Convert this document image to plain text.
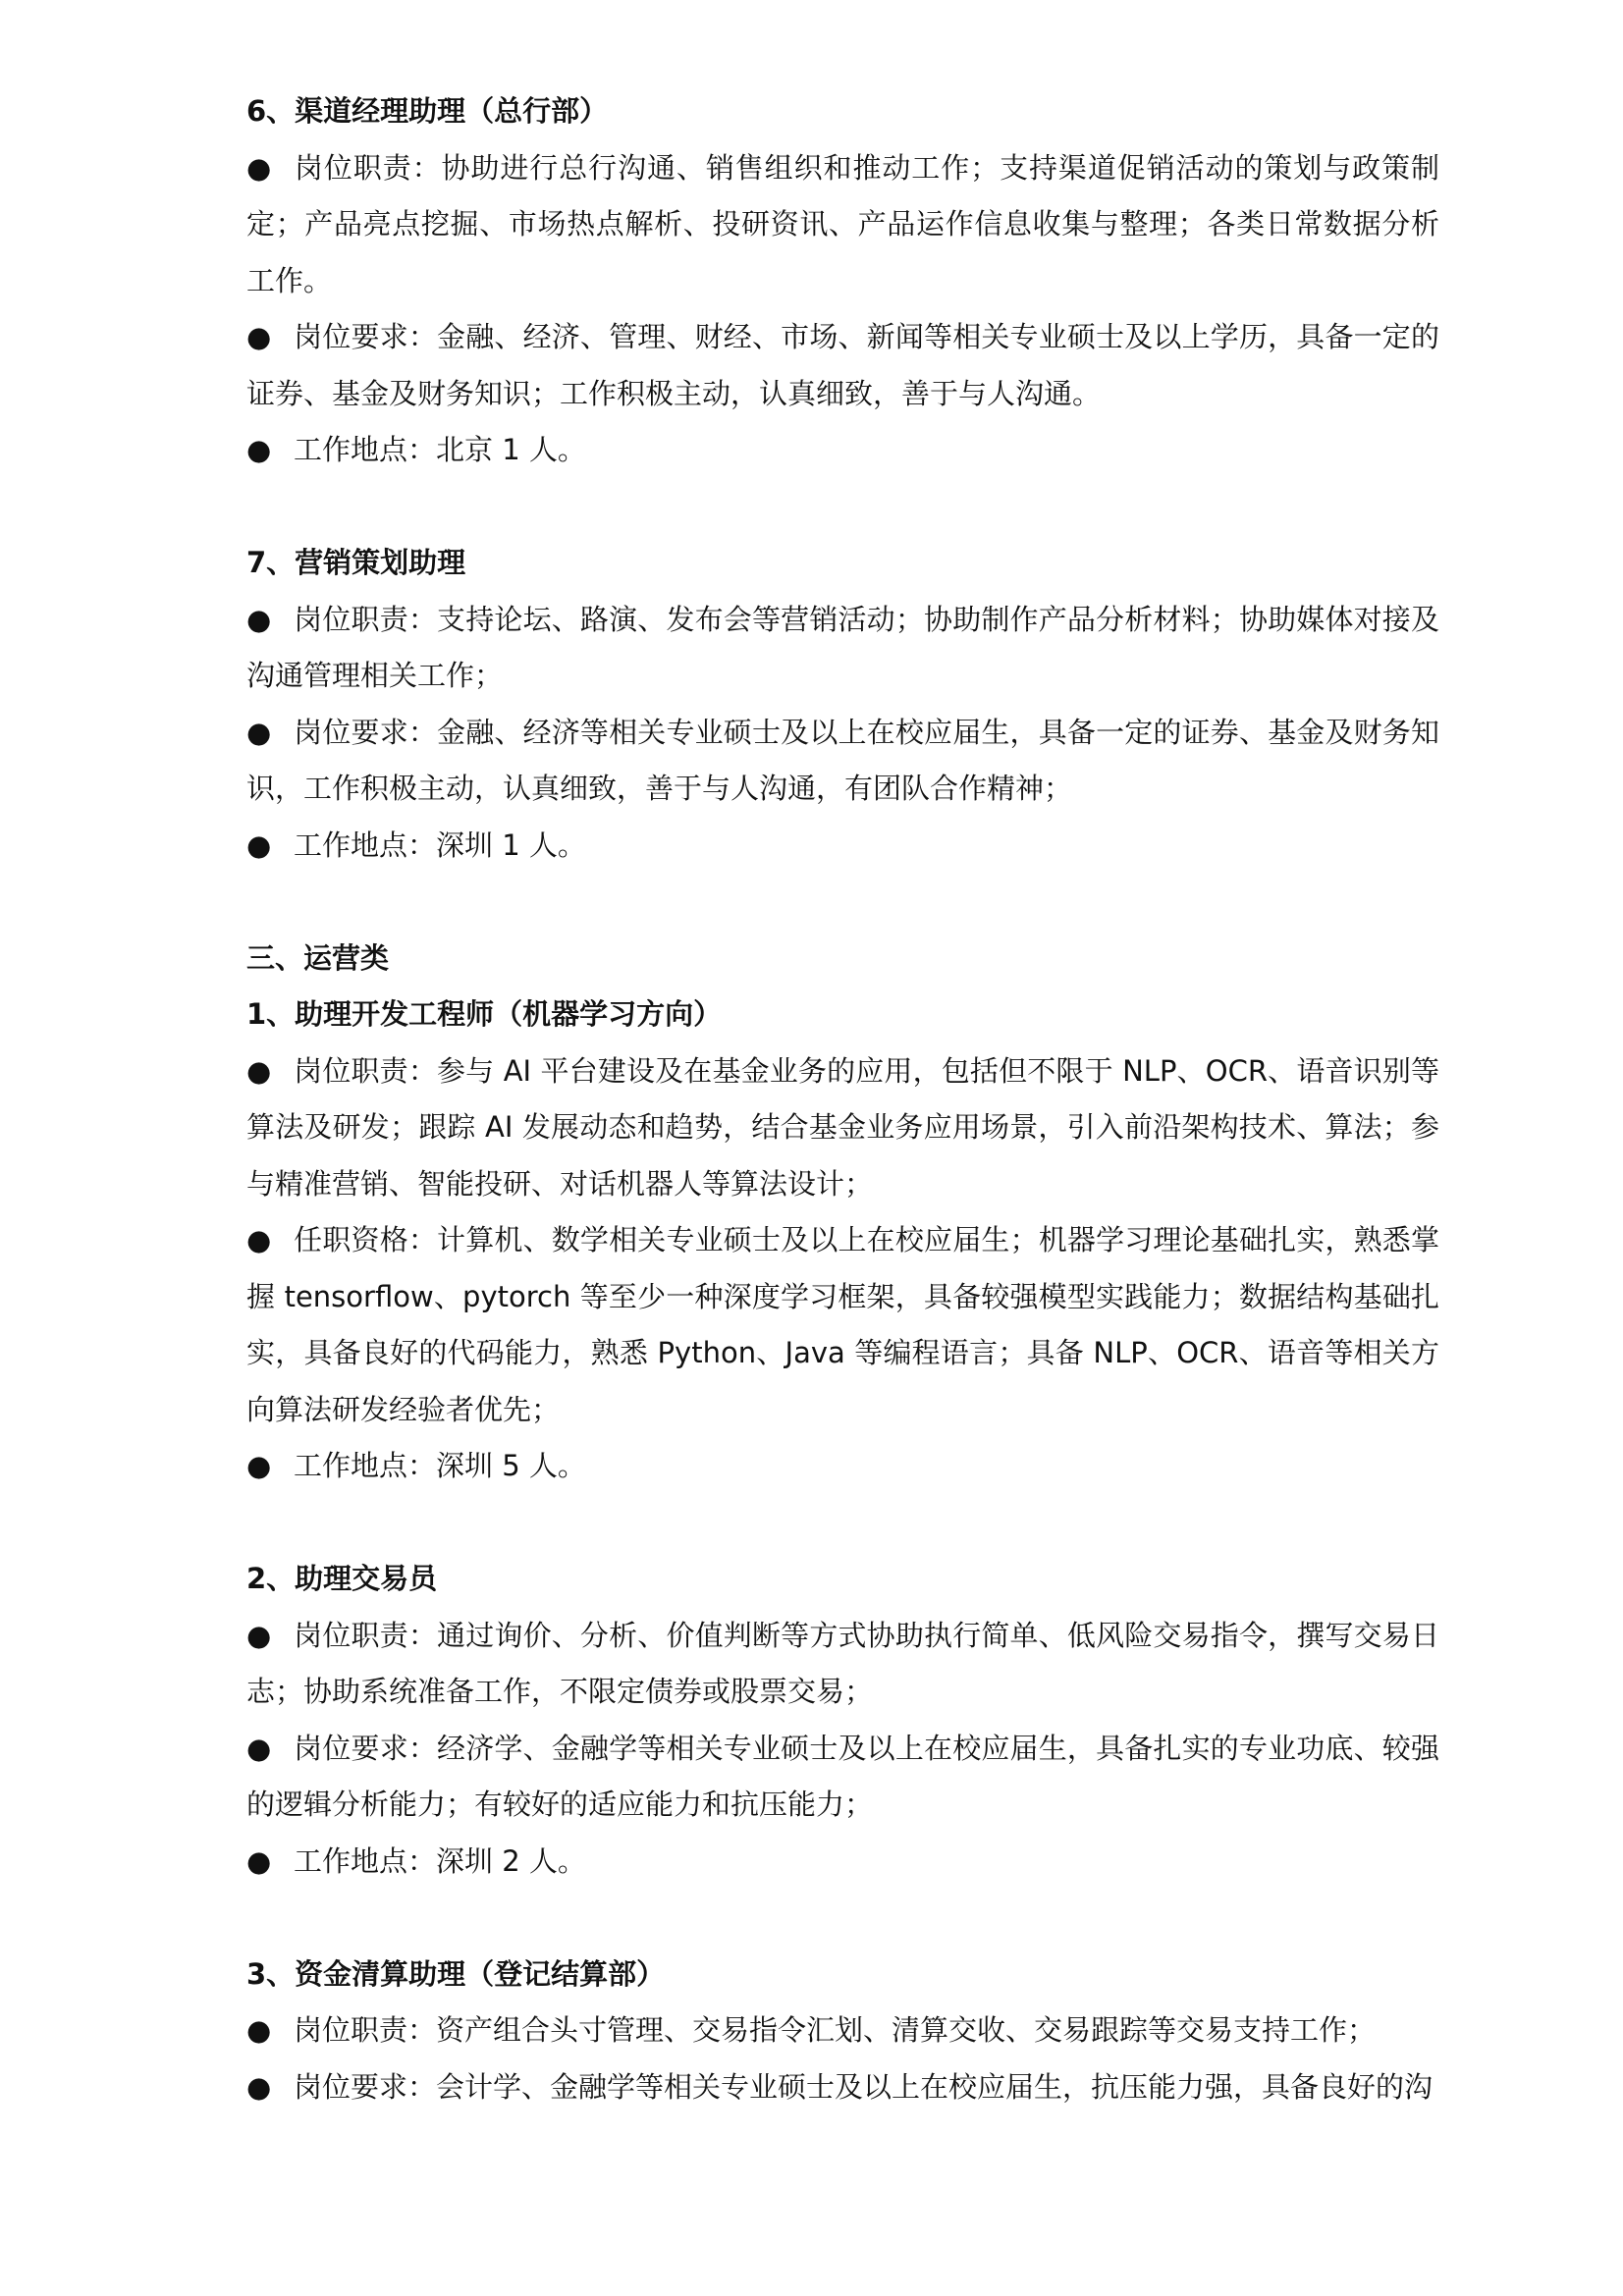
6、渠道经理助理（总行部）
● 岗位职责：协助进行总行沟通、销售组织和推动工作；支持渠道促销活动的策划与政策制定；产品亮点挖掘、市场热点解析、投研资讯、产品运作信息收集与整理；各类日常数据分析工作。
● 岗位要求：金融、经济、管理、财经、市场、新闻等相关专业硕士及以上学历，具备一定的证券、基金及财务知识；工作积极主动，认真细致，善于与人沟通。
● 工作地点：北京 1 人。
7、营销策划助理
● 岗位职责：支持论坛、路演、发布会等营销活动；协助制作产品分析材料；协助媒体对接及沟通管理相关工作；
● 岗位要求：金融、经济等相关专业硕士及以上在校应届生，具备一定的证券、基金及财务知识，工作积极主动，认真细致，善于与人沟通，有团队合作精神；
● 工作地点：深圳 1 人。
三、运营类
1、助理开发工程师（机器学习方向）
● 岗位职责：参与 AI 平台建设及在基金业务的应用，包括但不限于 NLP、OCR、语音识别等算法及研发；跟踪 AI 发展动态和趋势，结合基金业务应用场景，引入前沿架构技术、算法；参与精准营销、智能投研、对话机器人等算法设计；
● 任职资格：计算机、数学相关专业硕士及以上在校应届生；机器学习理论基础扎实，熟悉掌握 tensorflow、pytorch 等至少一种深度学习框架，具备较强模型实践能力；数据结构基础扎实，具备良好的代码能力，熟悉 Python、Java 等编程语言；具备 NLP、OCR、语音等相关方向算法研发经验者优先；
● 工作地点：深圳 5 人。
2、助理交易员
● 岗位职责：通过询价、分析、价值判断等方式协助执行简单、低风险交易指令，撰写交易日志；协助系统准备工作，不限定债券或股票交易；
● 岗位要求：经济学、金融学等相关专业硕士及以上在校应届生，具备扎实的专业功底、较强的逻辑分析能力；有较好的适应能力和抗压能力；
● 工作地点：深圳 2 人。
3、资金清算助理（登记结算部）
● 岗位职责：资产组合头寸管理、交易指令汇划、清算交收、交易跟踪等交易支持工作；
● 岗位要求：会计学、金融学等相关专业硕士及以上在校应届生，抗压能力强，具备良好的沟
